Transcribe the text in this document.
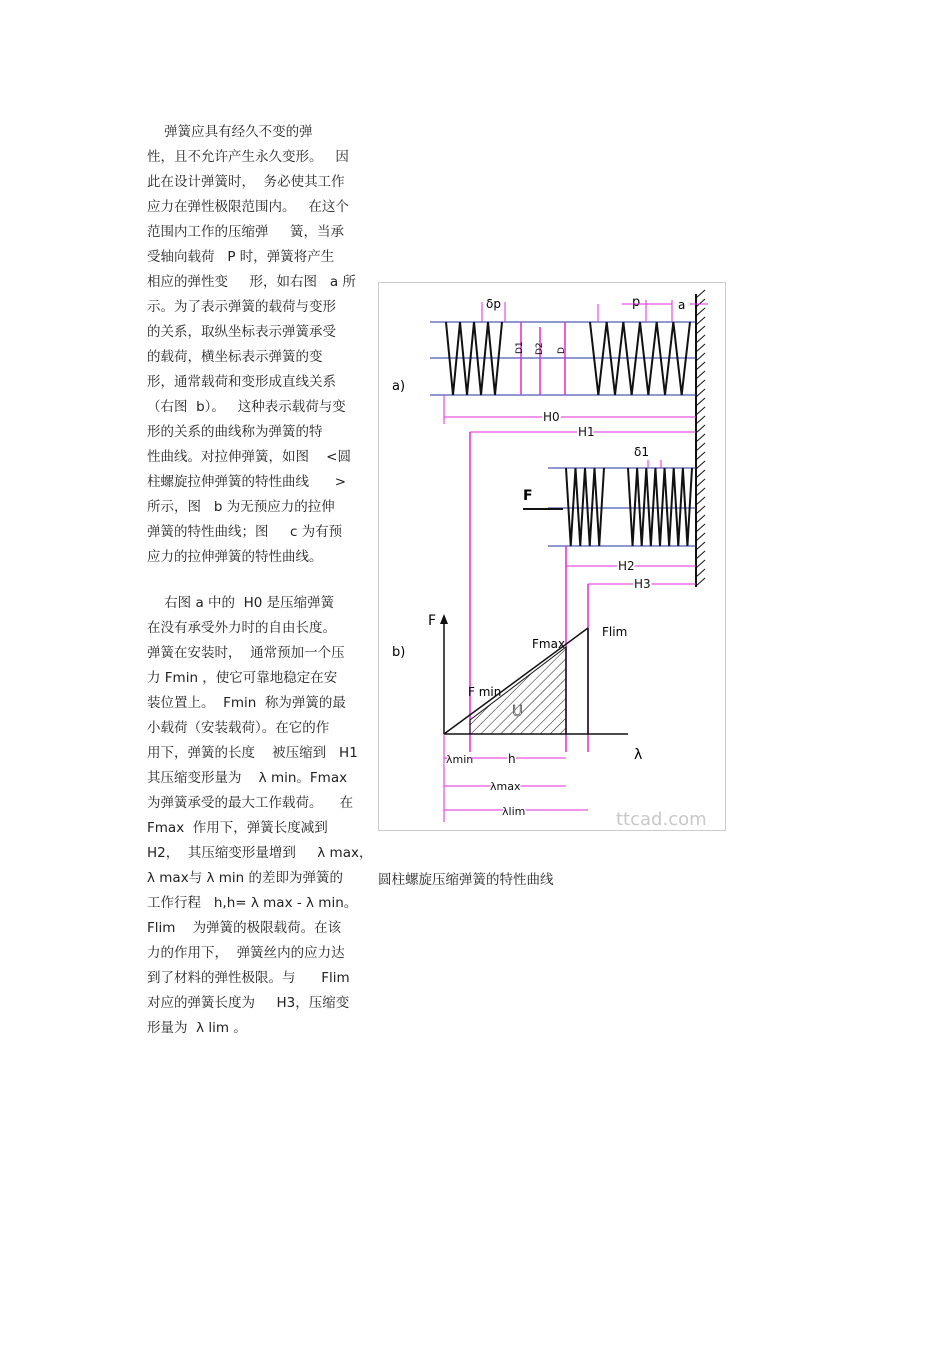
弹簧应具有经久不变的弹
性，且不允许产生永久变形。   因
此在设计弹簧时，  务必使其工作
应力在弹性极限范围内。   在这个
范围内工作的压缩弹     簧，当承
受轴向载荷   P 时，弹簧将产生
相应的弹性变     形，如右图   a 所
示。为了表示弹簧的载荷与变形
的关系，取纵坐标表示弹簧承受
的载荷，横坐标表示弹簧的变
形，通常载荷和变形成直线关系
（右图  b）。   这种表示载荷与变
形的关系的曲线称为弹簧的特
性曲线。对拉伸弹簧，如图    <圆
柱螺旋拉伸弹簧的特性曲线      >
所示，图   b 为无预应力的拉伸
弹簧的特性曲线；图     c 为有预
应力的拉伸弹簧的特性曲线。
右图 a 中的  H0 是压缩弹簧
在没有承受外力时的自由长度。
弹簧在安装时，  通常预加一个压
力 Fmin ，使它可靠地稳定在安
装位置上。  Fmin  称为弹簧的最
小载荷（安装载荷）。在它的作
用下，弹簧的长度    被压缩到   H1
其压缩变形量为    λ min。Fmax
为弹簧承受的最大工作载荷。    在
Fmax  作用下，弹簧长度减到
H2，  其压缩变形量增到     λ max，
λ max与 λ min 的差即为弹簧的
工作行程   h,h= λ max - λ min。
Flim    为弹簧的极限载荷。在该
力的作用下，  弹簧丝内的应力达
到了材料的弹性极限。与      Flim
对应的弹簧长度为     H3，压缩变
形量为  λ lim 。
a)
δp	p	a
D1 D2 D
H0
H1
δ1
F
H2
H3
b)
F
λ
U
Fmax
Flim
F min
λmin	h
λmax
λlim	ttcad.com
圆柱螺旋压缩弹簧的特性曲线
